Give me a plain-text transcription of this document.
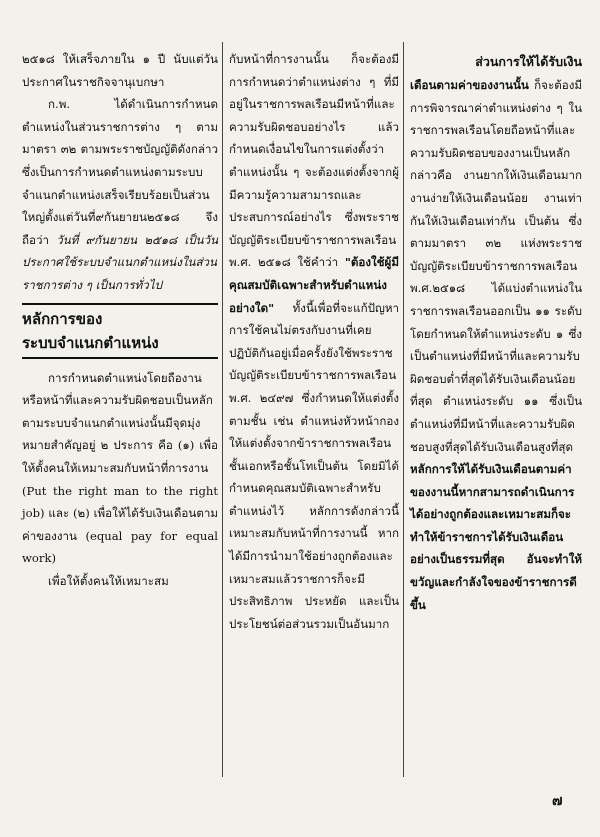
๒๕๑๘ ให้เสร็จภายใน ๑ ปี นับแต่วันประกาศในราชกิจจานุเบกษา

ก.พ. ได้ดำเนินการกำหนดตำแหน่งในส่วนราชการต่าง ๆ ตามมาตรา ๓๒ ตามพระราชบัญญัติดังกล่าว ซึ่งเป็นการกำหนดตำแหน่งตามระบบจำแนกตำแหน่งเสร็จเรียบร้อยเป็นส่วนใหญ่ตั้งแต่วันที่๙กันยายน๒๕๑๘ จึงถือว่า วันที่ ๙กันยายน ๒๕๑๘ เป็นวันประกาศใช้ระบบจำแนกตำแหน่งในส่วนราชการต่าง ๆ เป็นการทั่วไป

หลักการของ
ระบบจำแนกตำแหน่ง

การกำหนดตำแหน่งโดยถืองานหรือหน้าที่และความรับผิดชอบเป็นหลักตามระบบจำแนกตำแหน่งนั้นมีจุดมุ่งหมายสำคัญอยู่ ๒ ประการ คือ (๑) เพื่อให้ตั้งคนให้เหมาะสมกับหน้าที่การงาน (Put the right man to the right job) และ (๒) เพื่อให้ได้รับเงินเดือนตามค่าของงาน (equal pay for equal work)

เพื่อให้ตั้งคนให้เหมาะสม

กับหน้าที่การงานนั้น ก็จะต้องมีการกำหนดว่าตำแหน่งต่าง ๆ ที่มีอยู่ในราชการพลเรือนมีหน้าที่และความรับผิดชอบอย่างไร แล้วกำหนดเงื่อนไขในการแต่งตั้งว่าตำแหน่งนั้น ๆ จะต้องแต่งตั้งจากผู้มีความรู้ความสามารถและประสบการณ์อย่างไร ซึ่งพระราชบัญญัติระเบียบข้าราชการพลเรือน พ.ศ. ๒๕๑๘ ใช้คำว่า "ต้องใช้ผู้มีคุณสมบัติเฉพาะสำหรับตำแหน่งอย่างใด" ทั้งนี้เพื่อที่จะแก้ปัญหาการใช้คนไม่ตรงกับงานที่เคยปฏิบัติกันอยู่เมื่อครั้งยังใช้พระราชบัญญัติระเบียบข้าราชการพลเรือน พ.ศ. ๒๔๙๗ ซึ่งกำหนดให้แต่งตั้งตามชั้น เช่น ตำแหน่งหัวหน้ากอง ให้แต่งตั้งจากข้าราชการพลเรือนชั้นเอกหรือชั้นโทเป็นต้น โดยมิได้กำหนดคุณสมบัติเฉพาะสำหรับตำแหน่งไว้ หลักการดังกล่าวนี้เหมาะสมกับหน้าที่การงานนี้ หากได้มีการนำมาใช้อย่างถูกต้องและเหมาะสมแล้วราชการก็จะมีประสิทธิภาพ ประหยัด และเป็นประโยชน์ต่อส่วนรวมเป็นอันมาก

ส่วนการให้ได้รับเงิน

เดือนตามค่าของงานนั้น ก็จะต้องมีการพิจารณาค่าตำแหน่งต่าง ๆ ในราชการพลเรือนโดยถือหน้าที่และความรับผิดชอบของงานเป็นหลัก กล่าวคือ งานยากให้เงินเดือนมาก งานง่ายให้เงินเดือนน้อย งานเท่ากันให้เงินเดือนเท่ากัน เป็นต้น ซึ่งตามมาตรา ๓๒ แห่งพระราชบัญญัติระเบียบข้าราชการพลเรือน พ.ศ.๒๕๑๘ ได้แบ่งตำแหน่งในราชการพลเรือนออกเป็น ๑๑ ระดับ โดยกำหนดให้ตำแหน่งระดับ ๑ ซึ่งเป็นตำแหน่งที่มีหน้าที่และความรับผิดชอบต่ำที่สุดได้รับเงินเดือนน้อยที่สุด ตำแหน่งระดับ ๑๑ ซึ่งเป็นตำแหน่งที่มีหน้าที่และความรับผิดชอบสูงที่สุดได้รับเงินเดือนสูงที่สุด หลักการให้ได้รับเงินเดือนตามค่าของงานนี้หากสามารถดำเนินการได้อย่างถูกต้องและเหมาะสมก็จะทำให้ข้าราชการได้รับเงินเดือนอย่างเป็นธรรมที่สุด อันจะทำให้ขวัญและกำลังใจของข้าราชการดีขึ้น

๗
